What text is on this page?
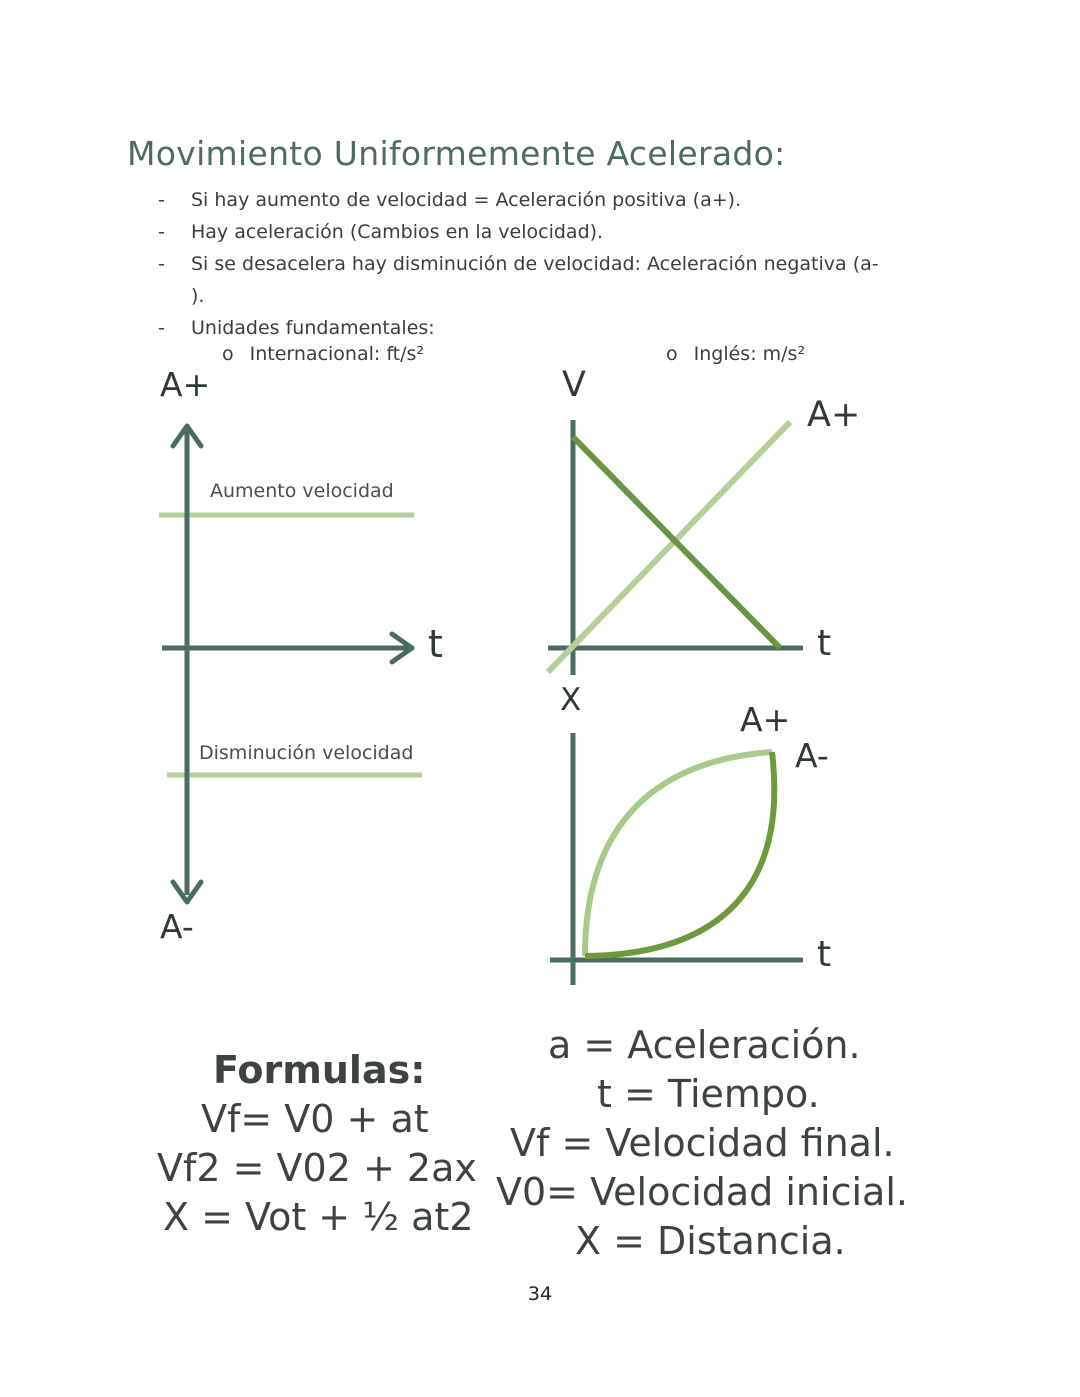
Movimiento Uniformemente Acelerado:
- Si hay aumento de velocidad = Aceleración positiva (a+).
- Hay aceleración (Cambios en la velocidad).
- Si se desacelera hay disminución de velocidad: Aceleración negativa (a-
).
- Unidades fundamentales:
o Internacional: ft/s²	o Inglés: m/s²
A+
A-
t
Aumento velocidad
Disminución velocidad
V
A+
t
X	A+
A-
t
Formulas:
Vf= V0 + at
Vf2 = V02 + 2ax
X = Vot + ½ at2
a = Aceleración.
t = Tiempo.
Vf = Velocidad final.
V0= Velocidad inicial.
X = Distancia.
34
